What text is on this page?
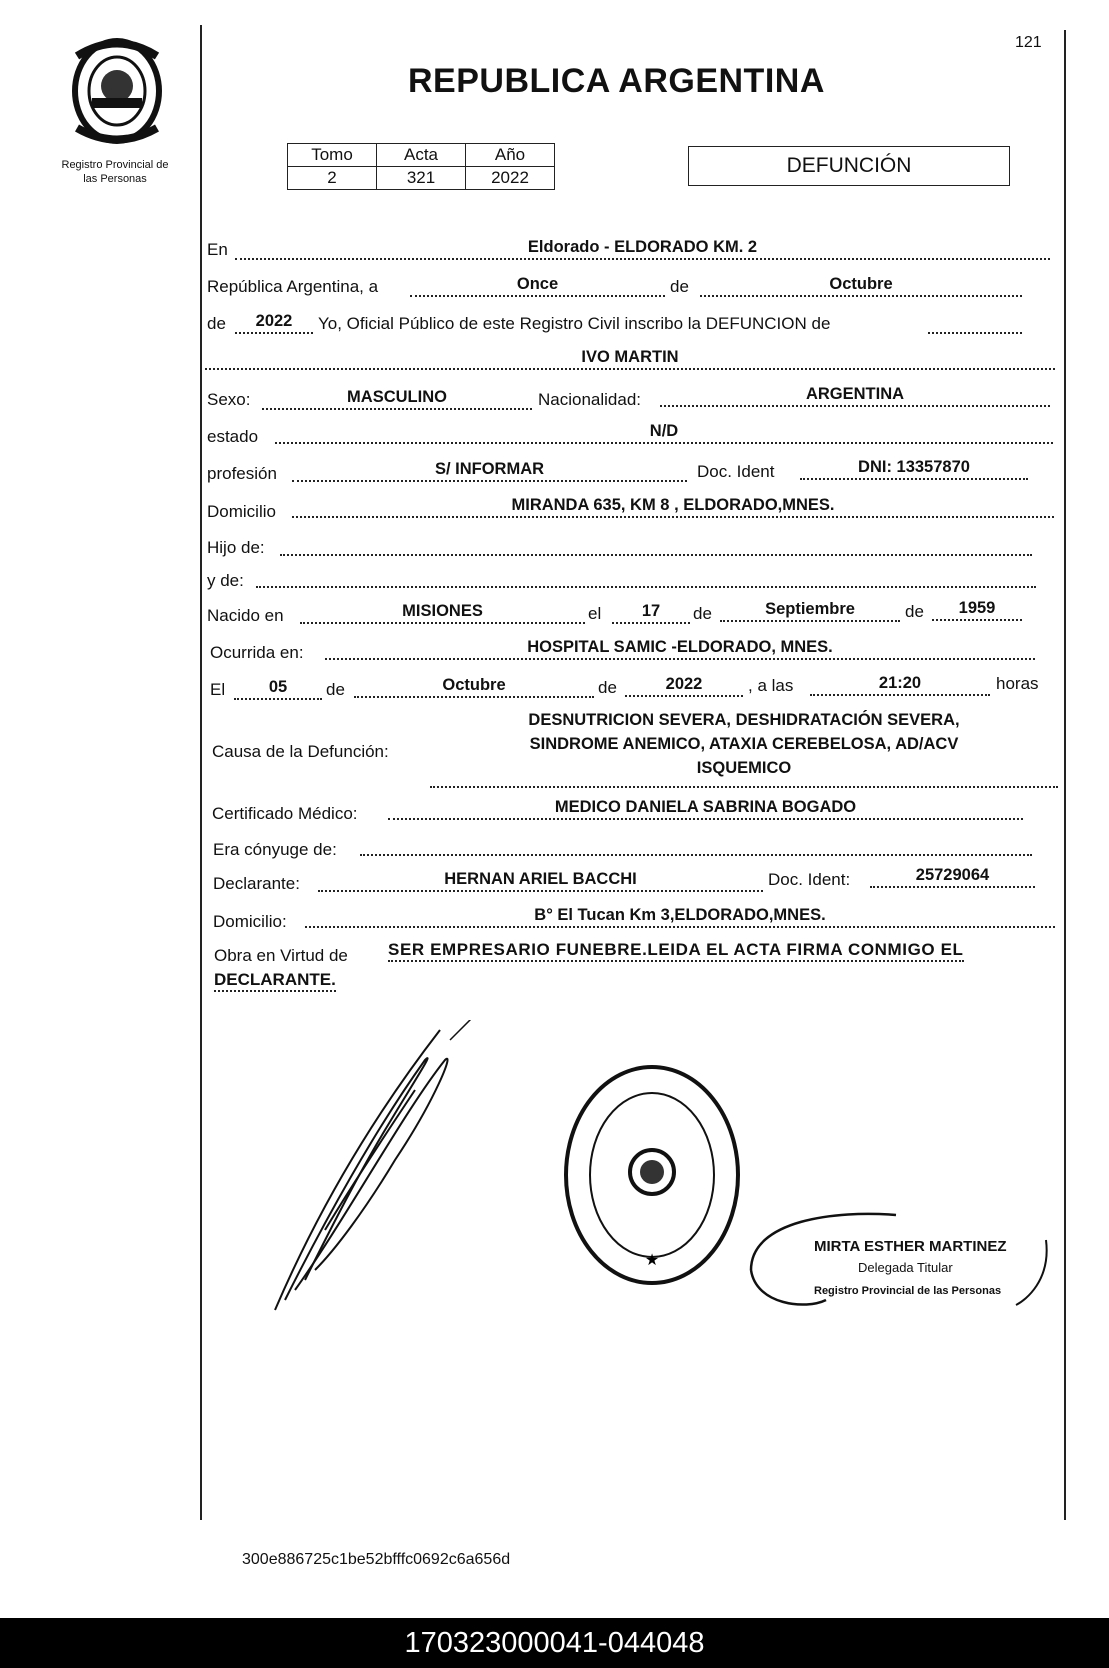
Registro Provincial de
las Personas
121
REPUBLICA ARGENTINA
Tomo	Acta	Año
2	321	2022
DEFUNCIÓN
En	Eldorado - ELDORADO KM. 2
República Argentina, a	Once	de	Octubre
de	2022	Yo, Oficial Público de este Registro Civil inscribo la DEFUNCION de
IVO MARTIN
Sexo:	MASCULINO	Nacionalidad:	ARGENTINA
estado	N/D
profesión	S/ INFORMAR	Doc. Ident	DNI: 13357870
Domicilio	MIRANDA 635, KM 8 , ELDORADO,MNES.
Hijo de:
y de:
Nacido en	MISIONES	el	17	de	Septiembre	de	1959
Ocurrida en:	HOSPITAL SAMIC -ELDORADO, MNES.
El	05	de	Octubre	de	2022	, a las	21:20	horas
Causa de la Defunción:
DESNUTRICION SEVERA, DESHIDRATACIÓN SEVERA,
SINDROME ANEMICO, ATAXIA CEREBELOSA, AD/ACV
ISQUEMICO
Certificado Médico:	MEDICO DANIELA SABRINA BOGADO
Era cónyuge de:
Declarante:	HERNAN ARIEL BACCHI	Doc. Ident:	25729064
Domicilio:	B° El Tucan Km 3,ELDORADO,MNES.
Obra en Virtud de SER EMPRESARIO FUNEBRE.LEIDA EL ACTA FIRMA CONMIGO EL
DECLARANTE.
★
MIRTA ESTHER MARTINEZ
Delegada Titular
Registro Provincial de las Personas
300e886725c1be52bfffc0692c6a656d
170323000041-044048
